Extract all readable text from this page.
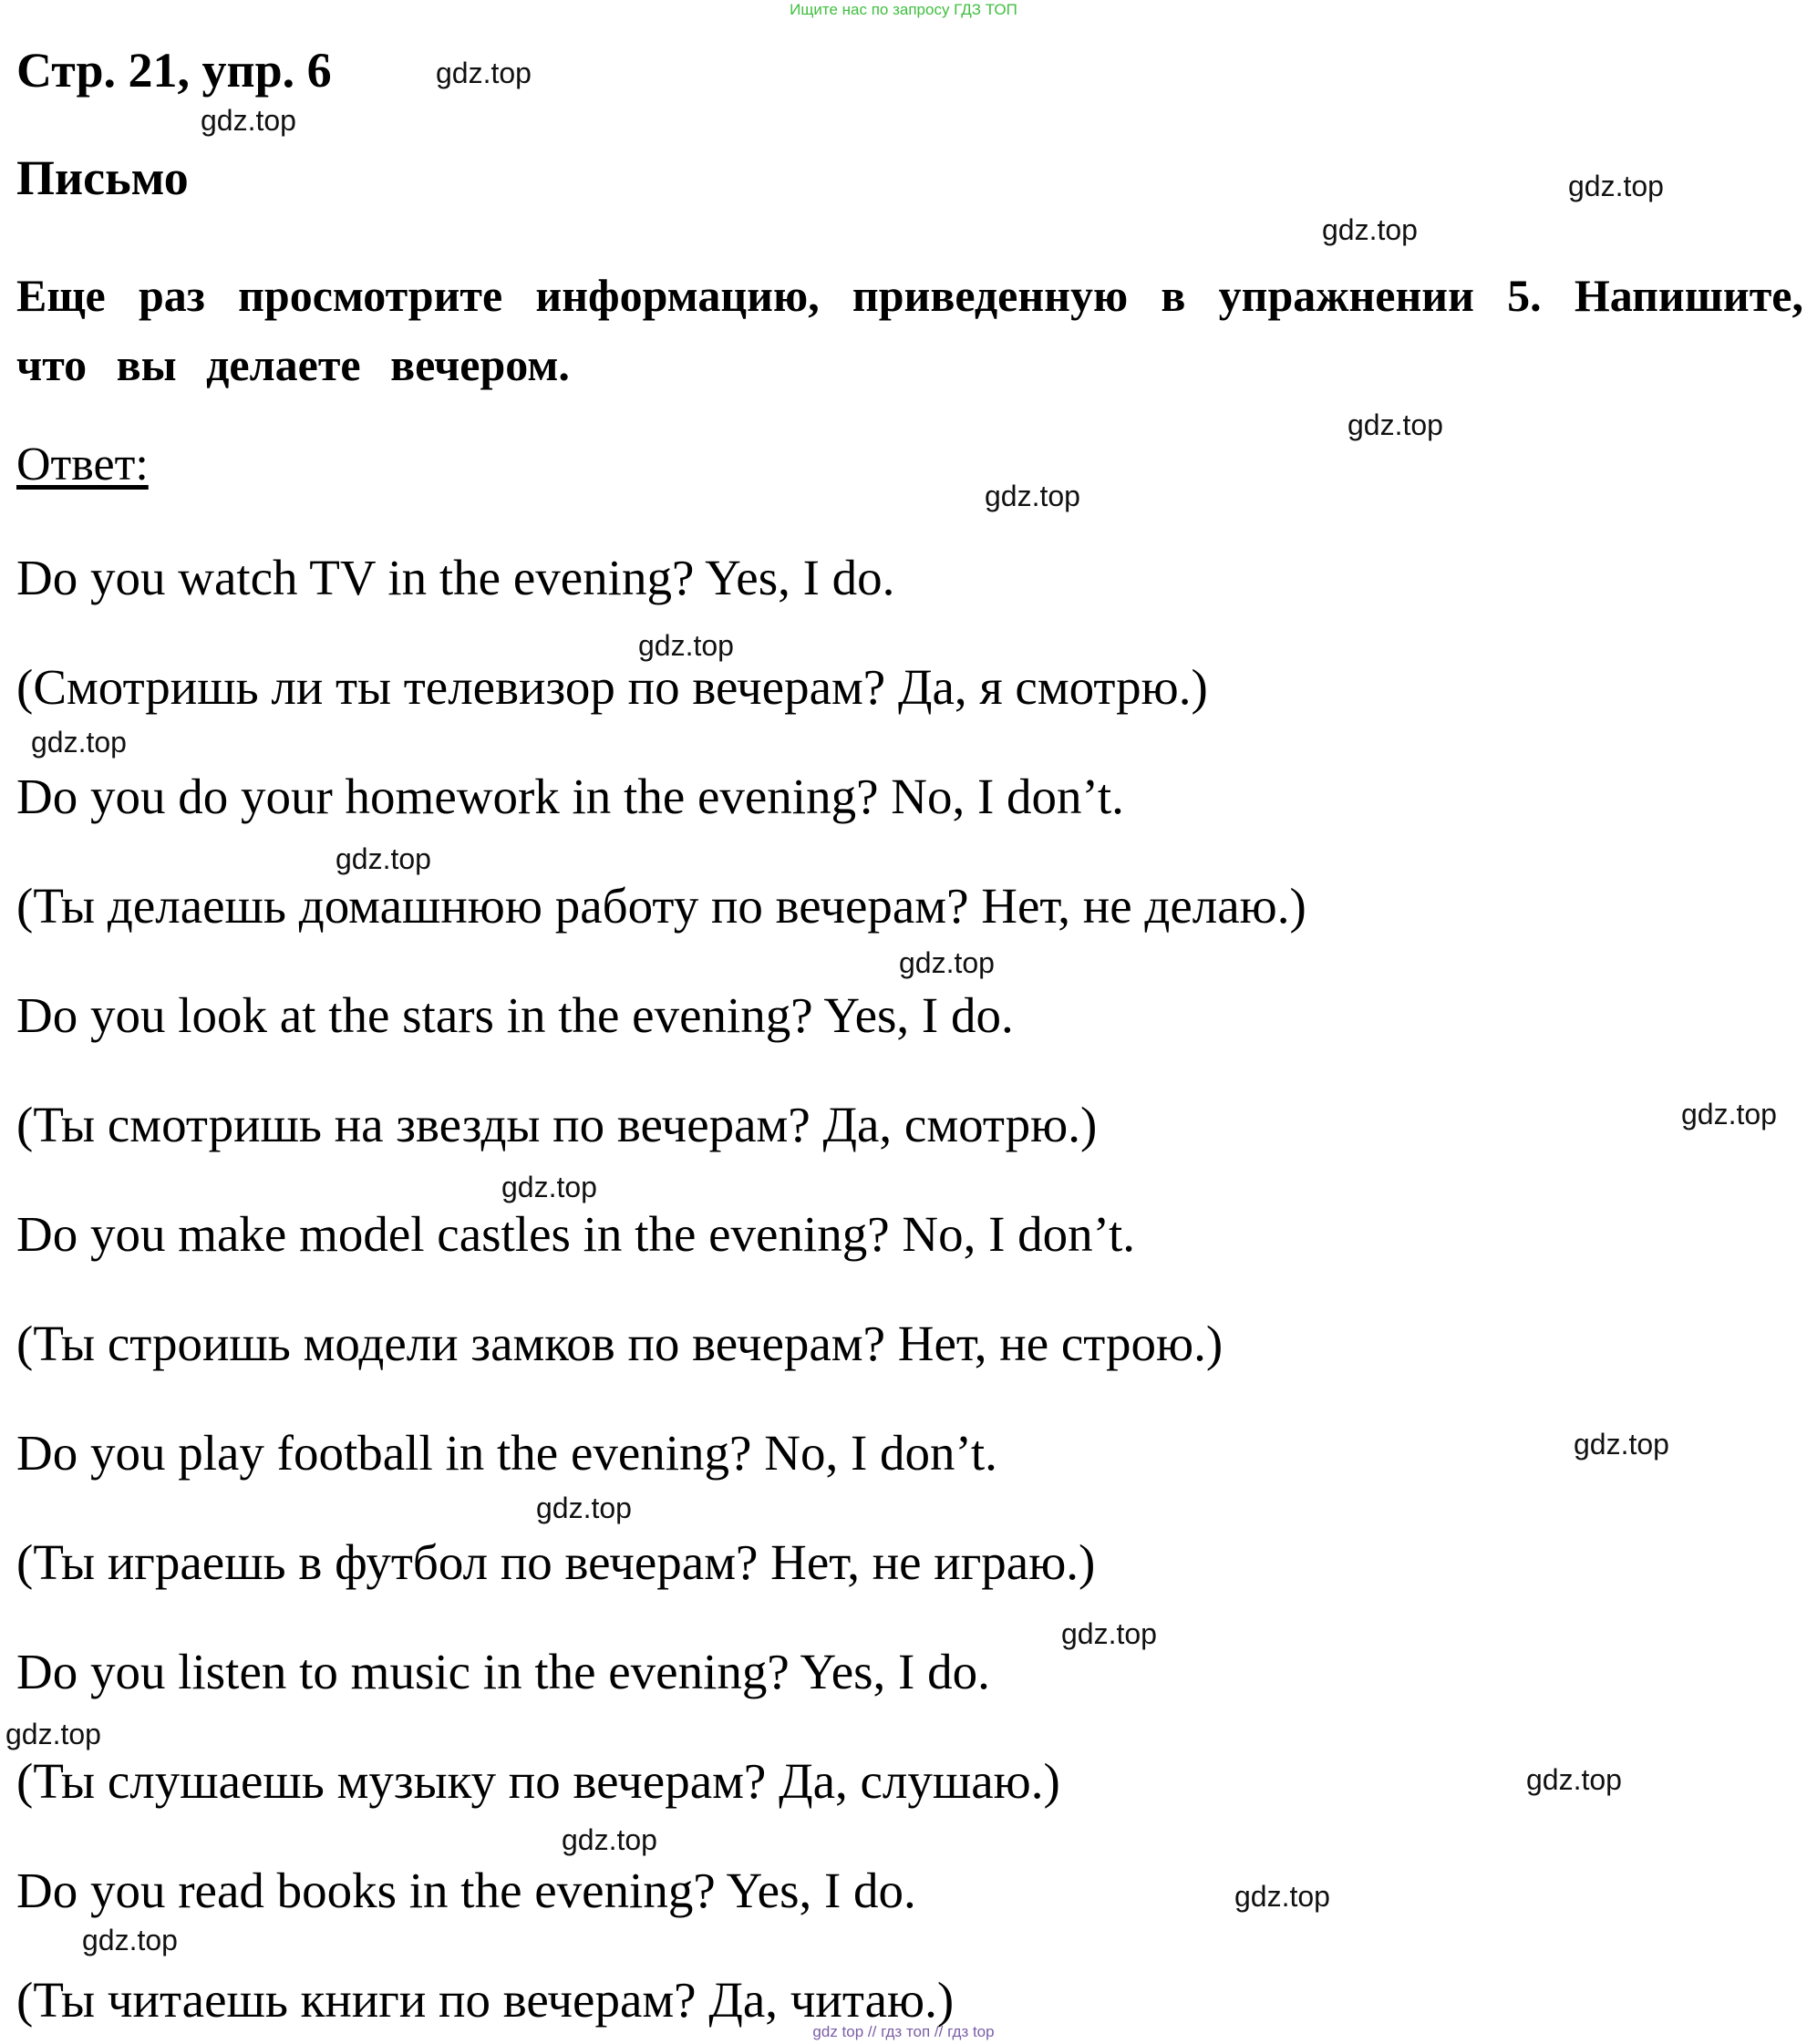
Ищите нас по запросу ГДЗ ТОП
Стр. 21, упр. 6
Письмо
Еще раз просмотрите информацию, приведенную в упражнении 5. Напишите, что вы делаете вечером.
Ответ:
Do you watch TV in the evening? Yes, I do.
(Смотришь ли ты телевизор по вечерам? Да, я смотрю.)
Do you do your homework in the evening? No, I don’t.
(Ты делаешь домашнюю работу по вечерам? Нет, не делаю.)
Do you look at the stars in the evening? Yes, I do.
(Ты смотришь на звезды по вечерам? Да, смотрю.)
Do you make model castles in the evening? No, I don’t.
(Ты строишь модели замков по вечерам? Нет, не строю.)
Do you play football in the evening? No, I don’t.
(Ты играешь в футбол по вечерам? Нет, не играю.)
Do you listen to music in the evening? Yes, I do.
(Ты слушаешь музыку по вечерам? Да, слушаю.)
Do you read books in the evening? Yes, I do.
(Ты читаешь книги по вечерам? Да, читаю.)
gdz.top
gdz.top
gdz.top
gdz.top
gdz.top
gdz.top
gdz.top
gdz.top
gdz.top
gdz.top
gdz.top
gdz.top
gdz.top
gdz.top
gdz.top
gdz.top
gdz.top
gdz.top
gdz.top
gdz.top
gdz top // гдз топ // гдз top
